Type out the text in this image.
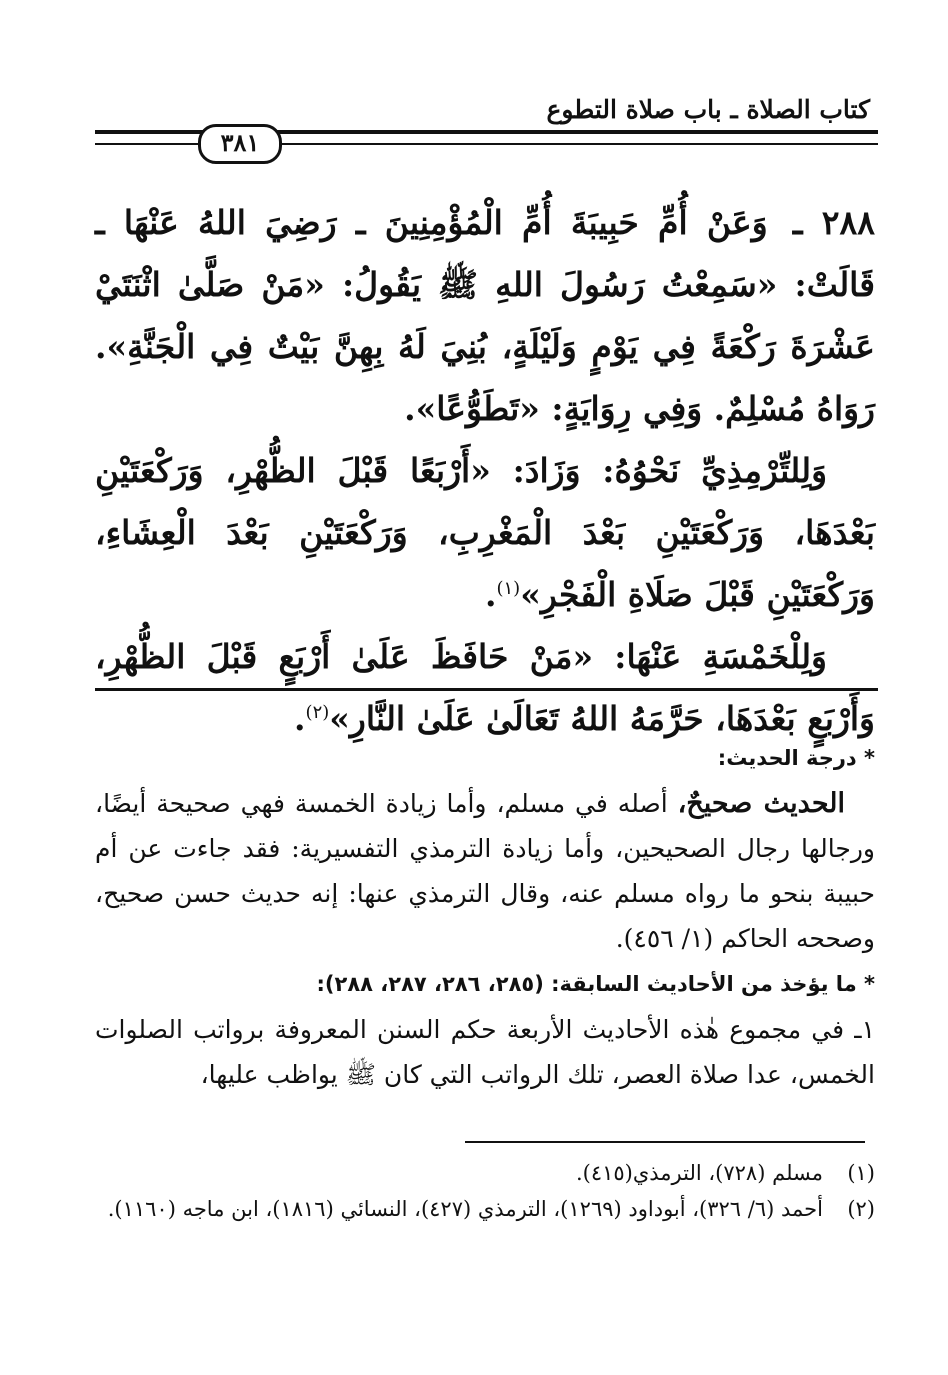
كتاب الصلاة ـ باب صلاة التطوع
٣٨١

٢٨٨ ـ وَعَنْ أُمِّ حَبِيبَةَ أُمِّ الْمُؤْمِنِينَ ـ رَضِيَ اللهُ عَنْهَا ـ قَالَتْ: «سَمِعْتُ رَسُولَ اللهِ ﷺ يَقُولُ: «مَنْ صَلَّىٰ اثْنَتَيْ عَشْرَةَ رَكْعَةً فِي يَوْمٍ وَلَيْلَةٍ، بُنِيَ لَهُ بِهِنَّ بَيْتٌ فِي الْجَنَّةِ». رَوَاهُ مُسْلِمٌ. وَفِي رِوَايَةٍ: «تَطَوُّعًا».

وَلِلتِّرْمِذِيِّ نَحْوُهُ: وَزَادَ: «أَرْبَعًا قَبْلَ الظُّهْرِ، وَرَكْعَتَيْنِ بَعْدَهَا، وَرَكْعَتَيْنِ بَعْدَ الْمَغْرِبِ، وَرَكْعَتَيْنِ بَعْدَ الْعِشَاءِ، وَرَكْعَتَيْنِ قَبْلَ صَلَاةِ الْفَجْرِ»$^{(١)}$.

وَلِلْخَمْسَةِ عَنْهَا: «مَنْ حَافَظَ عَلَىٰ أَرْبَعٍ قَبْلَ الظُّهْرِ، وَأَرْبَعٍ بَعْدَهَا، حَرَّمَهُ اللهُ تَعَالَىٰ عَلَىٰ النَّارِ»$^{(٢)}$.

* درجة الحديث:

الحديث صحيحٌ، أصله في مسلم، وأما زيادة الخمسة فهي صحيحة أيضًا، ورجالها رجال الصحيحين، وأما زيادة الترمذي التفسيرية: فقد جاءت عن أم حبيبة بنحو ما رواه مسلم عنه، وقال الترمذي عنها: إنه حديث حسن صحيح، وصححه الحاكم (١/ ٤٥٦).

* ما يؤخذ من الأحاديث السابقة: (٢٨٥، ٢٨٦، ٢٨٧، ٢٨٨):

١ـ في مجموع هٰذه الأحاديث الأربعة حكم السنن المعروفة برواتب الصلوات الخمس، عدا صلاة العصر، تلك الرواتب التي كان ﷺ يواظب عليها،

(١)
مسلم (٧٢٨)، الترمذي(٤١٥).
(٢)
أحمد (٦/ ٣٢٦)، أبوداود (١٢٦٩)، الترمذي (٤٢٧)، النسائي (١٨١٦)، ابن ماجه (١١٦٠).
